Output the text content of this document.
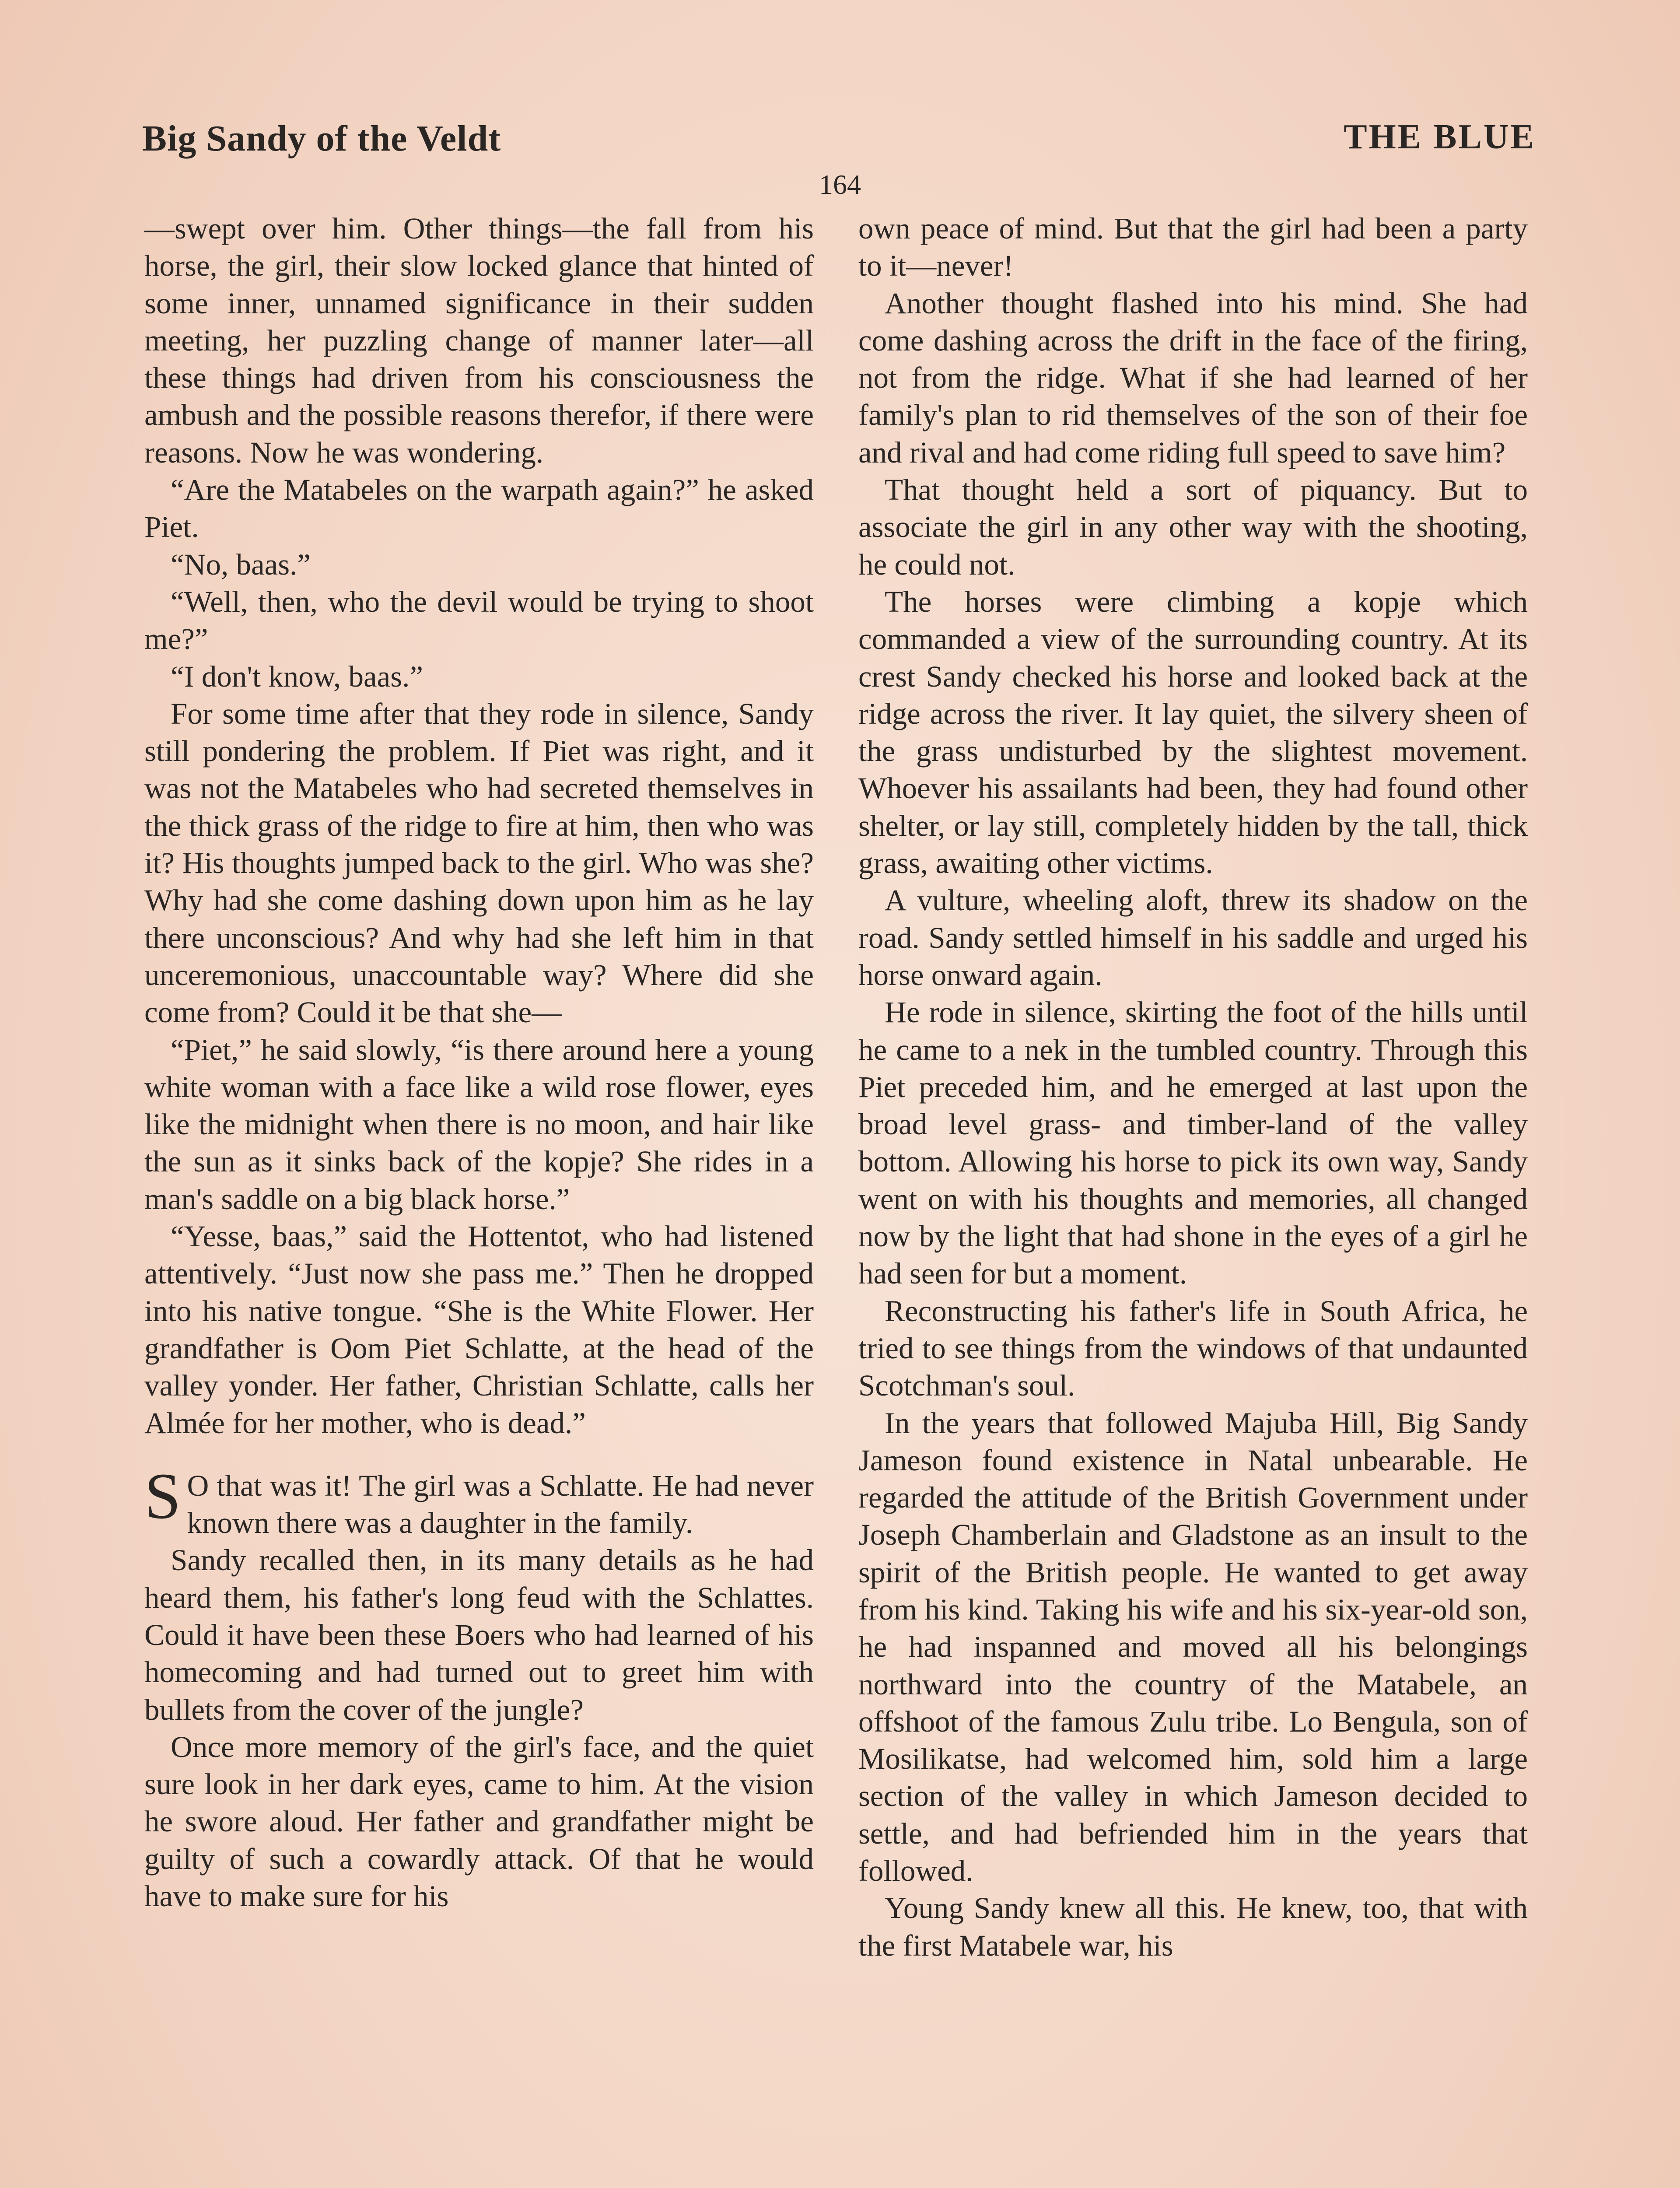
Big Sandy of the Veldt	THE BLUE
164

—swept over him. Other things—the fall from his horse, the girl, their slow locked glance that hinted of some inner, unnamed significance in their sudden meeting, her puzzling change of manner later—all these things had driven from his consciousness the ambush and the possible reasons therefor, if there were reasons. Now he was wondering.

“Are the Matabeles on the warpath again?” he asked Piet.

“No, baas.”

“Well, then, who the devil would be trying to shoot me?”

“I don't know, baas.”

For some time after that they rode in silence, Sandy still pondering the problem. If Piet was right, and it was not the Matabeles who had secreted themselves in the thick grass of the ridge to fire at him, then who was it? His thoughts jumped back to the girl. Who was she? Why had she come dashing down upon him as he lay there unconscious? And why had she left him in that unceremonious, unaccountable way? Where did she come from? Could it be that she—

“Piet,” he said slowly, “is there around here a young white woman with a face like a wild rose flower, eyes like the midnight when there is no moon, and hair like the sun as it sinks back of the kopje? She rides in a man's saddle on a big black horse.”

“Yesse, baas,” said the Hottentot, who had listened attentively. “Just now she pass me.” Then he dropped into his native tongue. “She is the White Flower. Her grandfather is Oom Piet Schlatte, at the head of the valley yonder. Her father, Christian Schlatte, calls her Almée for her mother, who is dead.”

S O that was it! The girl was a Schlatte. He had never known there was a daughter in the family.

Sandy recalled then, in its many details as he had heard them, his father's long feud with the Schlattes. Could it have been these Boers who had learned of his homecoming and had turned out to greet him with bullets from the cover of the jungle?

Once more memory of the girl's face, and the quiet sure look in her dark eyes, came to him. At the vision he swore aloud. Her father and grandfather might be guilty of such a cowardly attack. Of that he would have to make sure for his

own peace of mind. But that the girl had been a party to it—never!

Another thought flashed into his mind. She had come dashing across the drift in the face of the firing, not from the ridge. What if she had learned of her family's plan to rid themselves of the son of their foe and rival and had come riding full speed to save him?

That thought held a sort of piquancy. But to associate the girl in any other way with the shooting, he could not.

The horses were climbing a kopje which commanded a view of the surrounding country. At its crest Sandy checked his horse and looked back at the ridge across the river. It lay quiet, the silvery sheen of the grass undisturbed by the slightest movement. Whoever his assailants had been, they had found other shelter, or lay still, completely hidden by the tall, thick grass, awaiting other victims.

A vulture, wheeling aloft, threw its shadow on the road. Sandy settled himself in his saddle and urged his horse onward again.

He rode in silence, skirting the foot of the hills until he came to a nek in the tumbled country. Through this Piet preceded him, and he emerged at last upon the broad level grass- and timber-land of the valley bottom. Allowing his horse to pick its own way, Sandy went on with his thoughts and memories, all changed now by the light that had shone in the eyes of a girl he had seen for but a moment.

Reconstructing his father's life in South Africa, he tried to see things from the windows of that undaunted Scotchman's soul.

In the years that followed Majuba Hill, Big Sandy Jameson found existence in Natal unbearable. He regarded the attitude of the British Government under Joseph Chamberlain and Gladstone as an insult to the spirit of the British people. He wanted to get away from his kind. Taking his wife and his six-year-old son, he had inspanned and moved all his belongings northward into the country of the Matabele, an offshoot of the famous Zulu tribe. Lo Bengula, son of Mosilikatse, had welcomed him, sold him a large section of the valley in which Jameson decided to settle, and had befriended him in the years that followed.

Young Sandy knew all this. He knew, too, that with the first Matabele war, his
